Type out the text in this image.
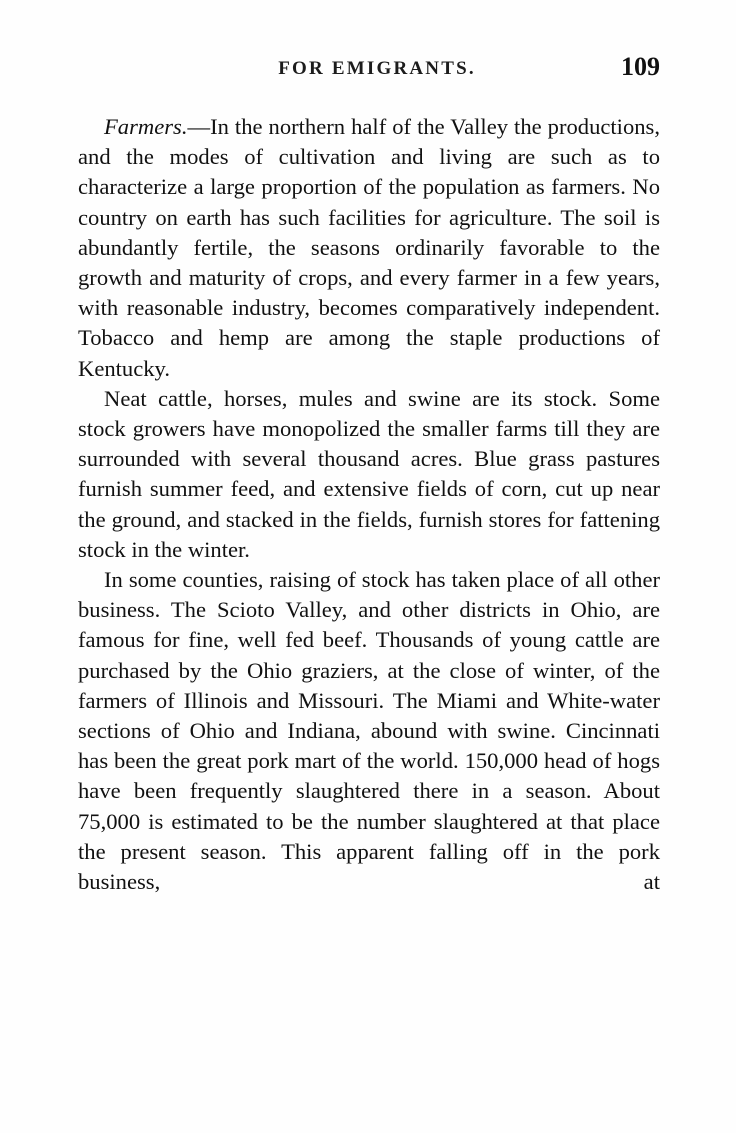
FOR EMIGRANTS.	109

Farmers.—In the northern half of the Valley the productions, and the modes of cultivation and living are such as to characterize a large proportion of the population as farmers. No country on earth has such facilities for agriculture. The soil is abundantly fertile, the seasons ordinarily favorable to the growth and maturity of crops, and every farmer in a few years, with reasonable industry, becomes comparatively independent. Tobacco and hemp are among the staple productions of Kentucky.

Neat cattle, horses, mules and swine are its stock. Some stock growers have monopolized the smaller farms till they are surrounded with several thousand acres. Blue grass pastures furnish summer feed, and extensive fields of corn, cut up near the ground, and stacked in the fields, furnish stores for fattening stock in the winter.

In some counties, raising of stock has taken place of all other business. The Scioto Valley, and other districts in Ohio, are famous for fine, well fed beef. Thousands of young cattle are purchased by the Ohio graziers, at the close of winter, of the farmers of Illinois and Missouri. The Miami and White-water sections of Ohio and Indiana, abound with swine. Cincinnati has been the great pork mart of the world. 150,000 head of hogs have been frequently slaughtered there in a season. About 75,000 is estimated to be the number slaughtered at that place the present season. This apparent falling off in the pork business, at
